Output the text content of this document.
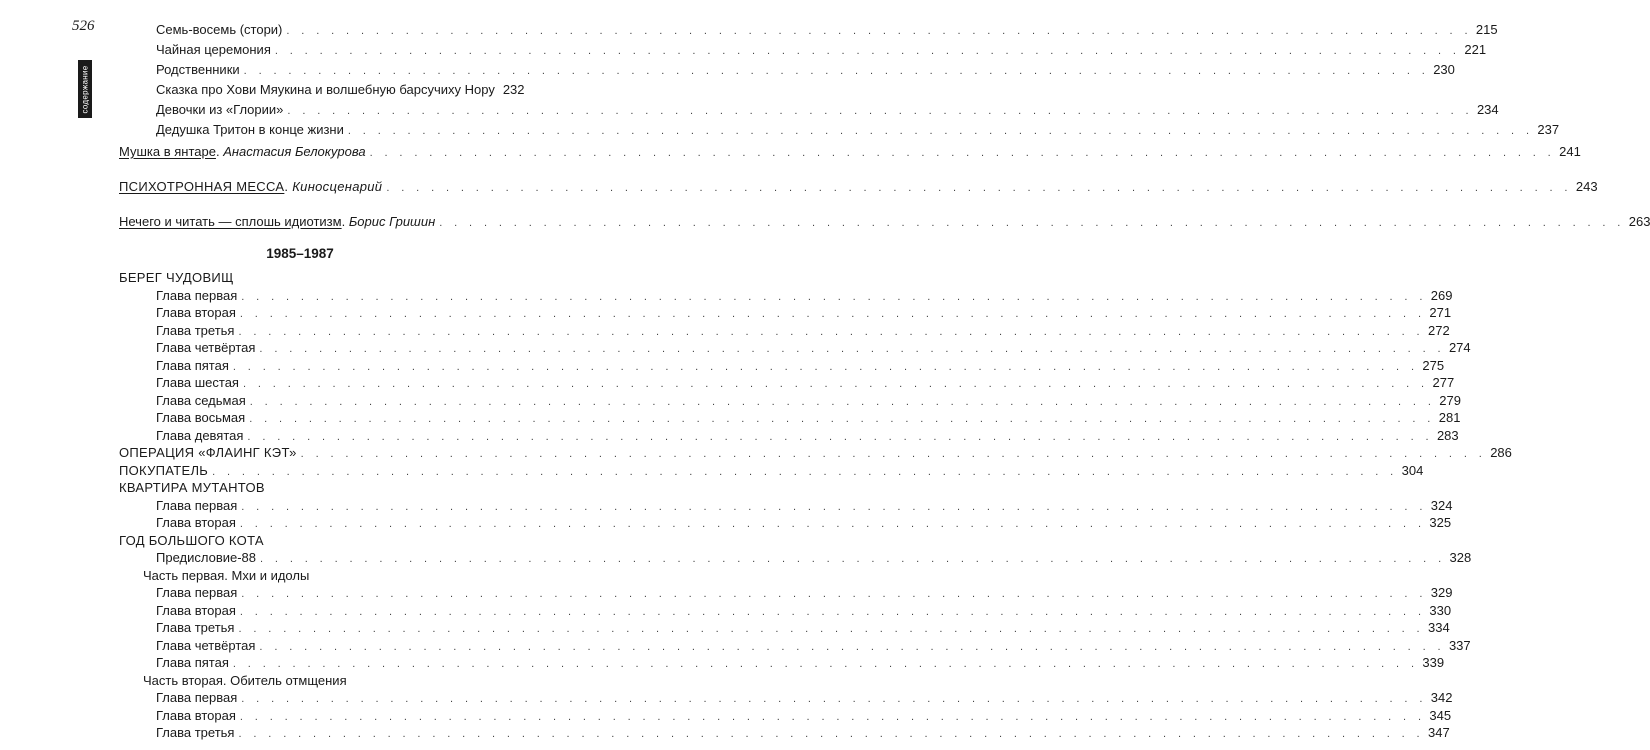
526
содержание
1985–1987
Семь-восемь (стори) . . . . . . . . . . . . . . . . . . . . . . . . . . . . . . . . . . . . . . . . . . . . . . . . . . . . . . . . . . . . . . . . . . . . . . . . . . . . . . . . 215
Чайная церемония . . . . . . . . . . . . . . . . . . . . . . . . . . . . . . . . . . . . . . . . . . . . . . . . . . . . . . . . . . . . . . . . . . . . . . . . . . . . . . . . 221
Родственники . . . . . . . . . . . . . . . . . . . . . . . . . . . . . . . . . . . . . . . . . . . . . . . . . . . . . . . . . . . . . . . . . . . . . . . . . . . . . . . . 230
Сказка про Хови Мяукина и волшебную барсучиху Нору 232
Девочки из «Глории» . . . . . . . . . . . . . . . . . . . . . . . . . . . . . . . . . . . . . . . . . . . . . . . . . . . . . . . . . . . . . . . . . . . . . . . . . . . . . . . . 234
Дедушка Тритон в конце жизни . . . . . . . . . . . . . . . . . . . . . . . . . . . . . . . . . . . . . . . . . . . . . . . . . . . . . . . . . . . . . . . . . . . . . . . . . . . . . . . . 237
Мушка в янтаре. Анастасия Белокурова . . . . . . . . . . . . . . . . . . . . . . . . . . . . . . . . . . . . . . . . . . . . . . . . . . . . . . . . . . . . . . . . . . . . . . . . . . . . . . . . 241
ПСИХОТРОННАЯ МЕССА. Киносценарий . . . . . . . . . . . . . . . . . . . . . . . . . . . . . . . . . . . . . . . . . . . . . . . . . . . . . . . . . . . . . . . . . . . . . . . . . . . . . . . . 243
Нечего и читать — сплошь идиотизм. Борис Гришин . . . . . . . . . . . . . . . . . . . . . . . . . . . . . . . . . . . . . . . . . . . . . . . . . . . . . . . . . . . . . . . . . . . . . . . . . . . . . . . . 263
БЕРЕГ ЧУДОВИЩ
Глава первая . . . . . . . . . . . . . . . . . . . . . . . . . . . . . . . . . . . . . . . . . . . . . . . . . . . . . . . . . . . . . . . . . . . . . . . . . . . . . . . . 269
Глава вторая . . . . . . . . . . . . . . . . . . . . . . . . . . . . . . . . . . . . . . . . . . . . . . . . . . . . . . . . . . . . . . . . . . . . . . . . . . . . . . . . 271
Глава третья . . . . . . . . . . . . . . . . . . . . . . . . . . . . . . . . . . . . . . . . . . . . . . . . . . . . . . . . . . . . . . . . . . . . . . . . . . . . . . . . 272
Глава четвёртая . . . . . . . . . . . . . . . . . . . . . . . . . . . . . . . . . . . . . . . . . . . . . . . . . . . . . . . . . . . . . . . . . . . . . . . . . . . . . . . . 274
Глава пятая . . . . . . . . . . . . . . . . . . . . . . . . . . . . . . . . . . . . . . . . . . . . . . . . . . . . . . . . . . . . . . . . . . . . . . . . . . . . . . . . 275
Глава шестая . . . . . . . . . . . . . . . . . . . . . . . . . . . . . . . . . . . . . . . . . . . . . . . . . . . . . . . . . . . . . . . . . . . . . . . . . . . . . . . . 277
Глава седьмая . . . . . . . . . . . . . . . . . . . . . . . . . . . . . . . . . . . . . . . . . . . . . . . . . . . . . . . . . . . . . . . . . . . . . . . . . . . . . . . . 279
Глава восьмая . . . . . . . . . . . . . . . . . . . . . . . . . . . . . . . . . . . . . . . . . . . . . . . . . . . . . . . . . . . . . . . . . . . . . . . . . . . . . . . . 281
Глава девятая . . . . . . . . . . . . . . . . . . . . . . . . . . . . . . . . . . . . . . . . . . . . . . . . . . . . . . . . . . . . . . . . . . . . . . . . . . . . . . . . 283
ОПЕРАЦИЯ «ФЛАИНГ КЭТ» . . . . . . . . . . . . . . . . . . . . . . . . . . . . . . . . . . . . . . . . . . . . . . . . . . . . . . . . . . . . . . . . . . . . . . . . . . . . . . . . 286
ПОКУПАТЕЛЬ . . . . . . . . . . . . . . . . . . . . . . . . . . . . . . . . . . . . . . . . . . . . . . . . . . . . . . . . . . . . . . . . . . . . . . . . . . . . . . . . 304
КВАРТИРА МУТАНТОВ
Глава первая . . . . . . . . . . . . . . . . . . . . . . . . . . . . . . . . . . . . . . . . . . . . . . . . . . . . . . . . . . . . . . . . . . . . . . . . . . . . . . . . 324
Глава вторая . . . . . . . . . . . . . . . . . . . . . . . . . . . . . . . . . . . . . . . . . . . . . . . . . . . . . . . . . . . . . . . . . . . . . . . . . . . . . . . . 325
ГОД БОЛЬШОГО КОТА
Предисловие-88 . . . . . . . . . . . . . . . . . . . . . . . . . . . . . . . . . . . . . . . . . . . . . . . . . . . . . . . . . . . . . . . . . . . . . . . . . . . . . . . . 328
Часть первая. Мхи и идолы
Глава первая . . . . . . . . . . . . . . . . . . . . . . . . . . . . . . . . . . . . . . . . . . . . . . . . . . . . . . . . . . . . . . . . . . . . . . . . . . . . . . . . 329
Глава вторая . . . . . . . . . . . . . . . . . . . . . . . . . . . . . . . . . . . . . . . . . . . . . . . . . . . . . . . . . . . . . . . . . . . . . . . . . . . . . . . . 330
Глава третья . . . . . . . . . . . . . . . . . . . . . . . . . . . . . . . . . . . . . . . . . . . . . . . . . . . . . . . . . . . . . . . . . . . . . . . . . . . . . . . . 334
Глава четвёртая . . . . . . . . . . . . . . . . . . . . . . . . . . . . . . . . . . . . . . . . . . . . . . . . . . . . . . . . . . . . . . . . . . . . . . . . . . . . . . . . 337
Глава пятая . . . . . . . . . . . . . . . . . . . . . . . . . . . . . . . . . . . . . . . . . . . . . . . . . . . . . . . . . . . . . . . . . . . . . . . . . . . . . . . . 339
Часть вторая. Обитель отмщения
Глава первая . . . . . . . . . . . . . . . . . . . . . . . . . . . . . . . . . . . . . . . . . . . . . . . . . . . . . . . . . . . . . . . . . . . . . . . . . . . . . . . . 342
Глава вторая . . . . . . . . . . . . . . . . . . . . . . . . . . . . . . . . . . . . . . . . . . . . . . . . . . . . . . . . . . . . . . . . . . . . . . . . . . . . . . . . 345
Глава третья . . . . . . . . . . . . . . . . . . . . . . . . . . . . . . . . . . . . . . . . . . . . . . . . . . . . . . . . . . . . . . . . . . . . . . . . . . . . . . . . 347
